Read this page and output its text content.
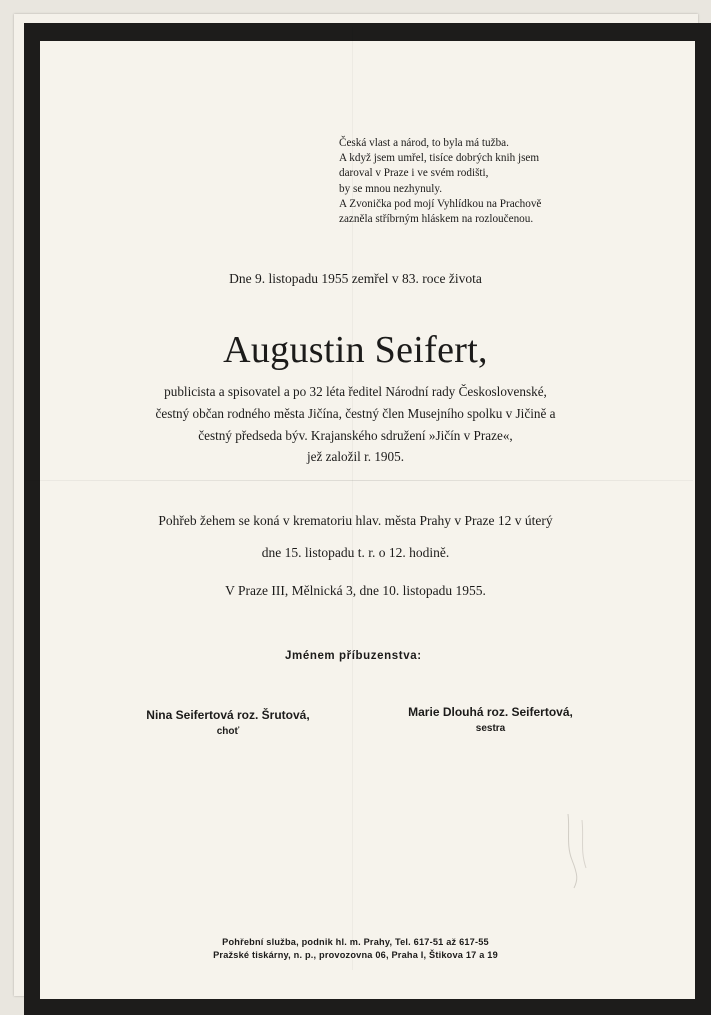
Česká vlast a národ, to byla má tužba.
A když jsem umřel, tisíce dobrých knih jsem
daroval v Praze i ve svém rodišti,
by se mnou nezhynuly.
A Zvonička pod mojí Vyhlídkou na Prachově
zazněla stříbrným hláskem na rozloučenou.
Dne 9. listopadu 1955 zemřel v 83. roce života
Augustin Seifert,
publicista a spisovatel a po 32 léta ředitel Národní rady Československé,
čestný občan rodného města Jičína, čestný člen Musejního spolku v Jičině a
čestný předseda býv. Krajanského sdružení »Jičín v Praze«,
jež založil r. 1905.
Pohřeb žehem se koná v krematoriu hlav. města Prahy v Praze 12 v úterý
dne 15. listopadu t. r. o 12. hodině.
V Praze III, Mělnická 3, dne 10. listopadu 1955.
Jménem příbuzenstva:
Nina Seifertová roz. Šrutová,
choť
Marie Dlouhá roz. Seifertová,
sestra
Pohřební služba, podnik hl. m. Prahy, Tel. 617-51 až 617-55
Pražské tiskárny, n. p., provozovna 06, Praha I, Štikova 17 a 19
